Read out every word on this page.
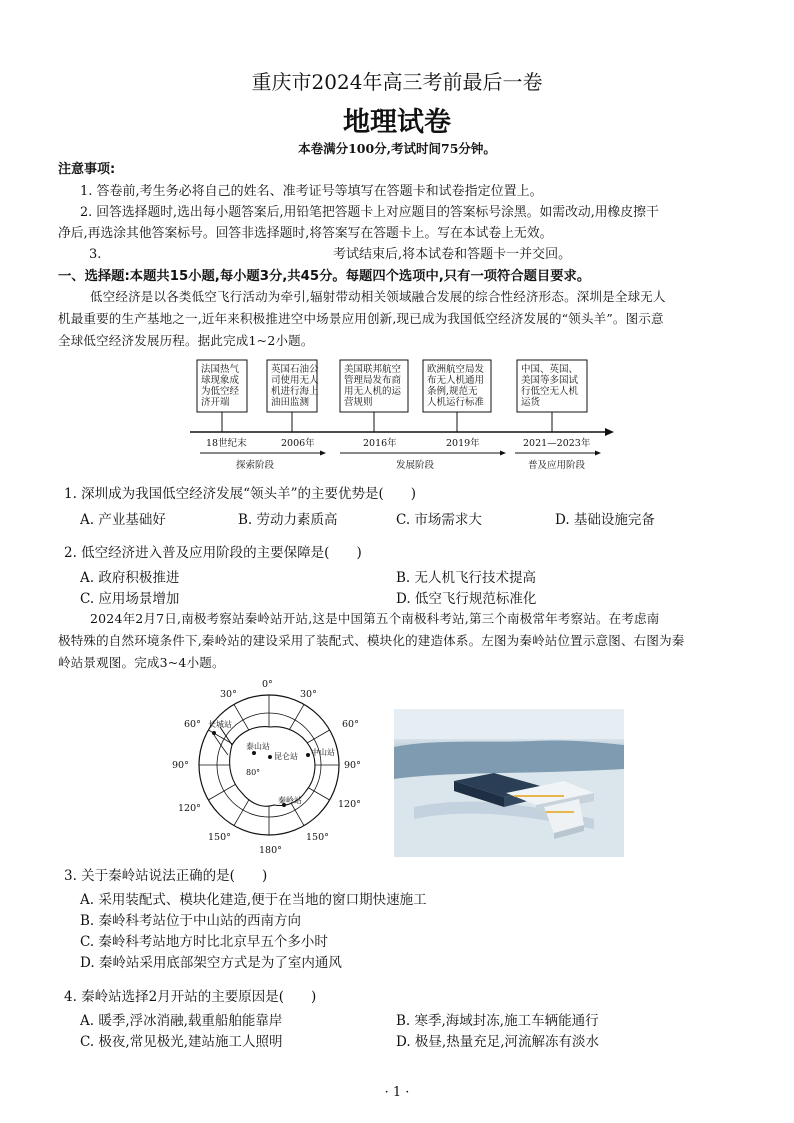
重庆市2024年高三考前最后一卷
地理试卷
本卷满分100分,考试时间75分钟。
注意事项:
1. 答卷前,考生务必将自己的姓名、准考证号等填写在答题卡和试卷指定位置上。
2. 回答选择题时,选出每小题答案后,用铅笔把答题卡上对应题目的答案标号涂黑。如需改动,用橡皮擦干
净后,再选涂其他答案标号。回答非选择题时,将答案写在答题卡上。写在本试卷上无效。
3.	考试结束后,将本试卷和答题卡一并交回。
一、选择题:本题共15小题,每小题3分,共45分。每题四个选项中,只有一项符合题目要求。
低空经济是以各类低空飞行活动为牵引,辐射带动相关领域融合发展的综合性经济形态。深圳是全球无人
机最重要的生产基地之一,近年来积极推进空中场景应用创新,现已成为我国低空经济发展的“领头羊”。图示意
全球低空经济发展历程。据此完成1~2小题。
法国热气球现象成为低空经济开端
英国石油公司使用无人机进行海上油田监测
美国联邦航空管理局发布商用无人机的运营规则
欧洲航空局发布无人机通用条例,规范无人机运行标准
中国、英国、美国等多国试行低空无人机运货
18世纪末	2006年	2016年	2019年	2021—2023年
探索阶段	发展阶段	普及应用阶段
1. 深圳成为我国低空经济发展“领头羊”的主要优势是(　　)
A. 产业基础好	B. 劳动力素质高	C. 市场需求大	D. 基础设施完备
2. 低空经济进入普及应用阶段的主要保障是(　　)
A. 政府积极推进	B. 无人机飞行技术提高
C. 应用场景增加	D. 低空飞行规范标准化
2024年2月7日,南极考察站秦岭站开站,这是中国第五个南极科考站,第三个南极常年考察站。在考虑南
极特殊的自然环境条件下,秦岭站的建设采用了装配式、模块化的建造体系。左图为秦岭站位置示意图、右图为秦
岭站景观图。完成3~4小题。
长城站
中山站
昆仑站
泰山站
秦岭站
80°
0°
30°	30°
60°	60°
90°	90°
120°	120°
150°	150°
180°
3. 关于秦岭站说法正确的是(　　)
A. 采用装配式、模块化建造,便于在当地的窗口期快速施工
B. 秦岭科考站位于中山站的西南方向
C. 秦岭科考站地方时比北京早五个多小时
D. 秦岭站采用底部架空方式是为了室内通风
4. 秦岭站选择2月开站的主要原因是(　　)
A. 暖季,浮冰消融,载重船舶能靠岸	B. 寒季,海域封冻,施工车辆能通行
C. 极夜,常见极光,建站施工人照明	D. 极昼,热量充足,河流解冻有淡水
· 1 ·
